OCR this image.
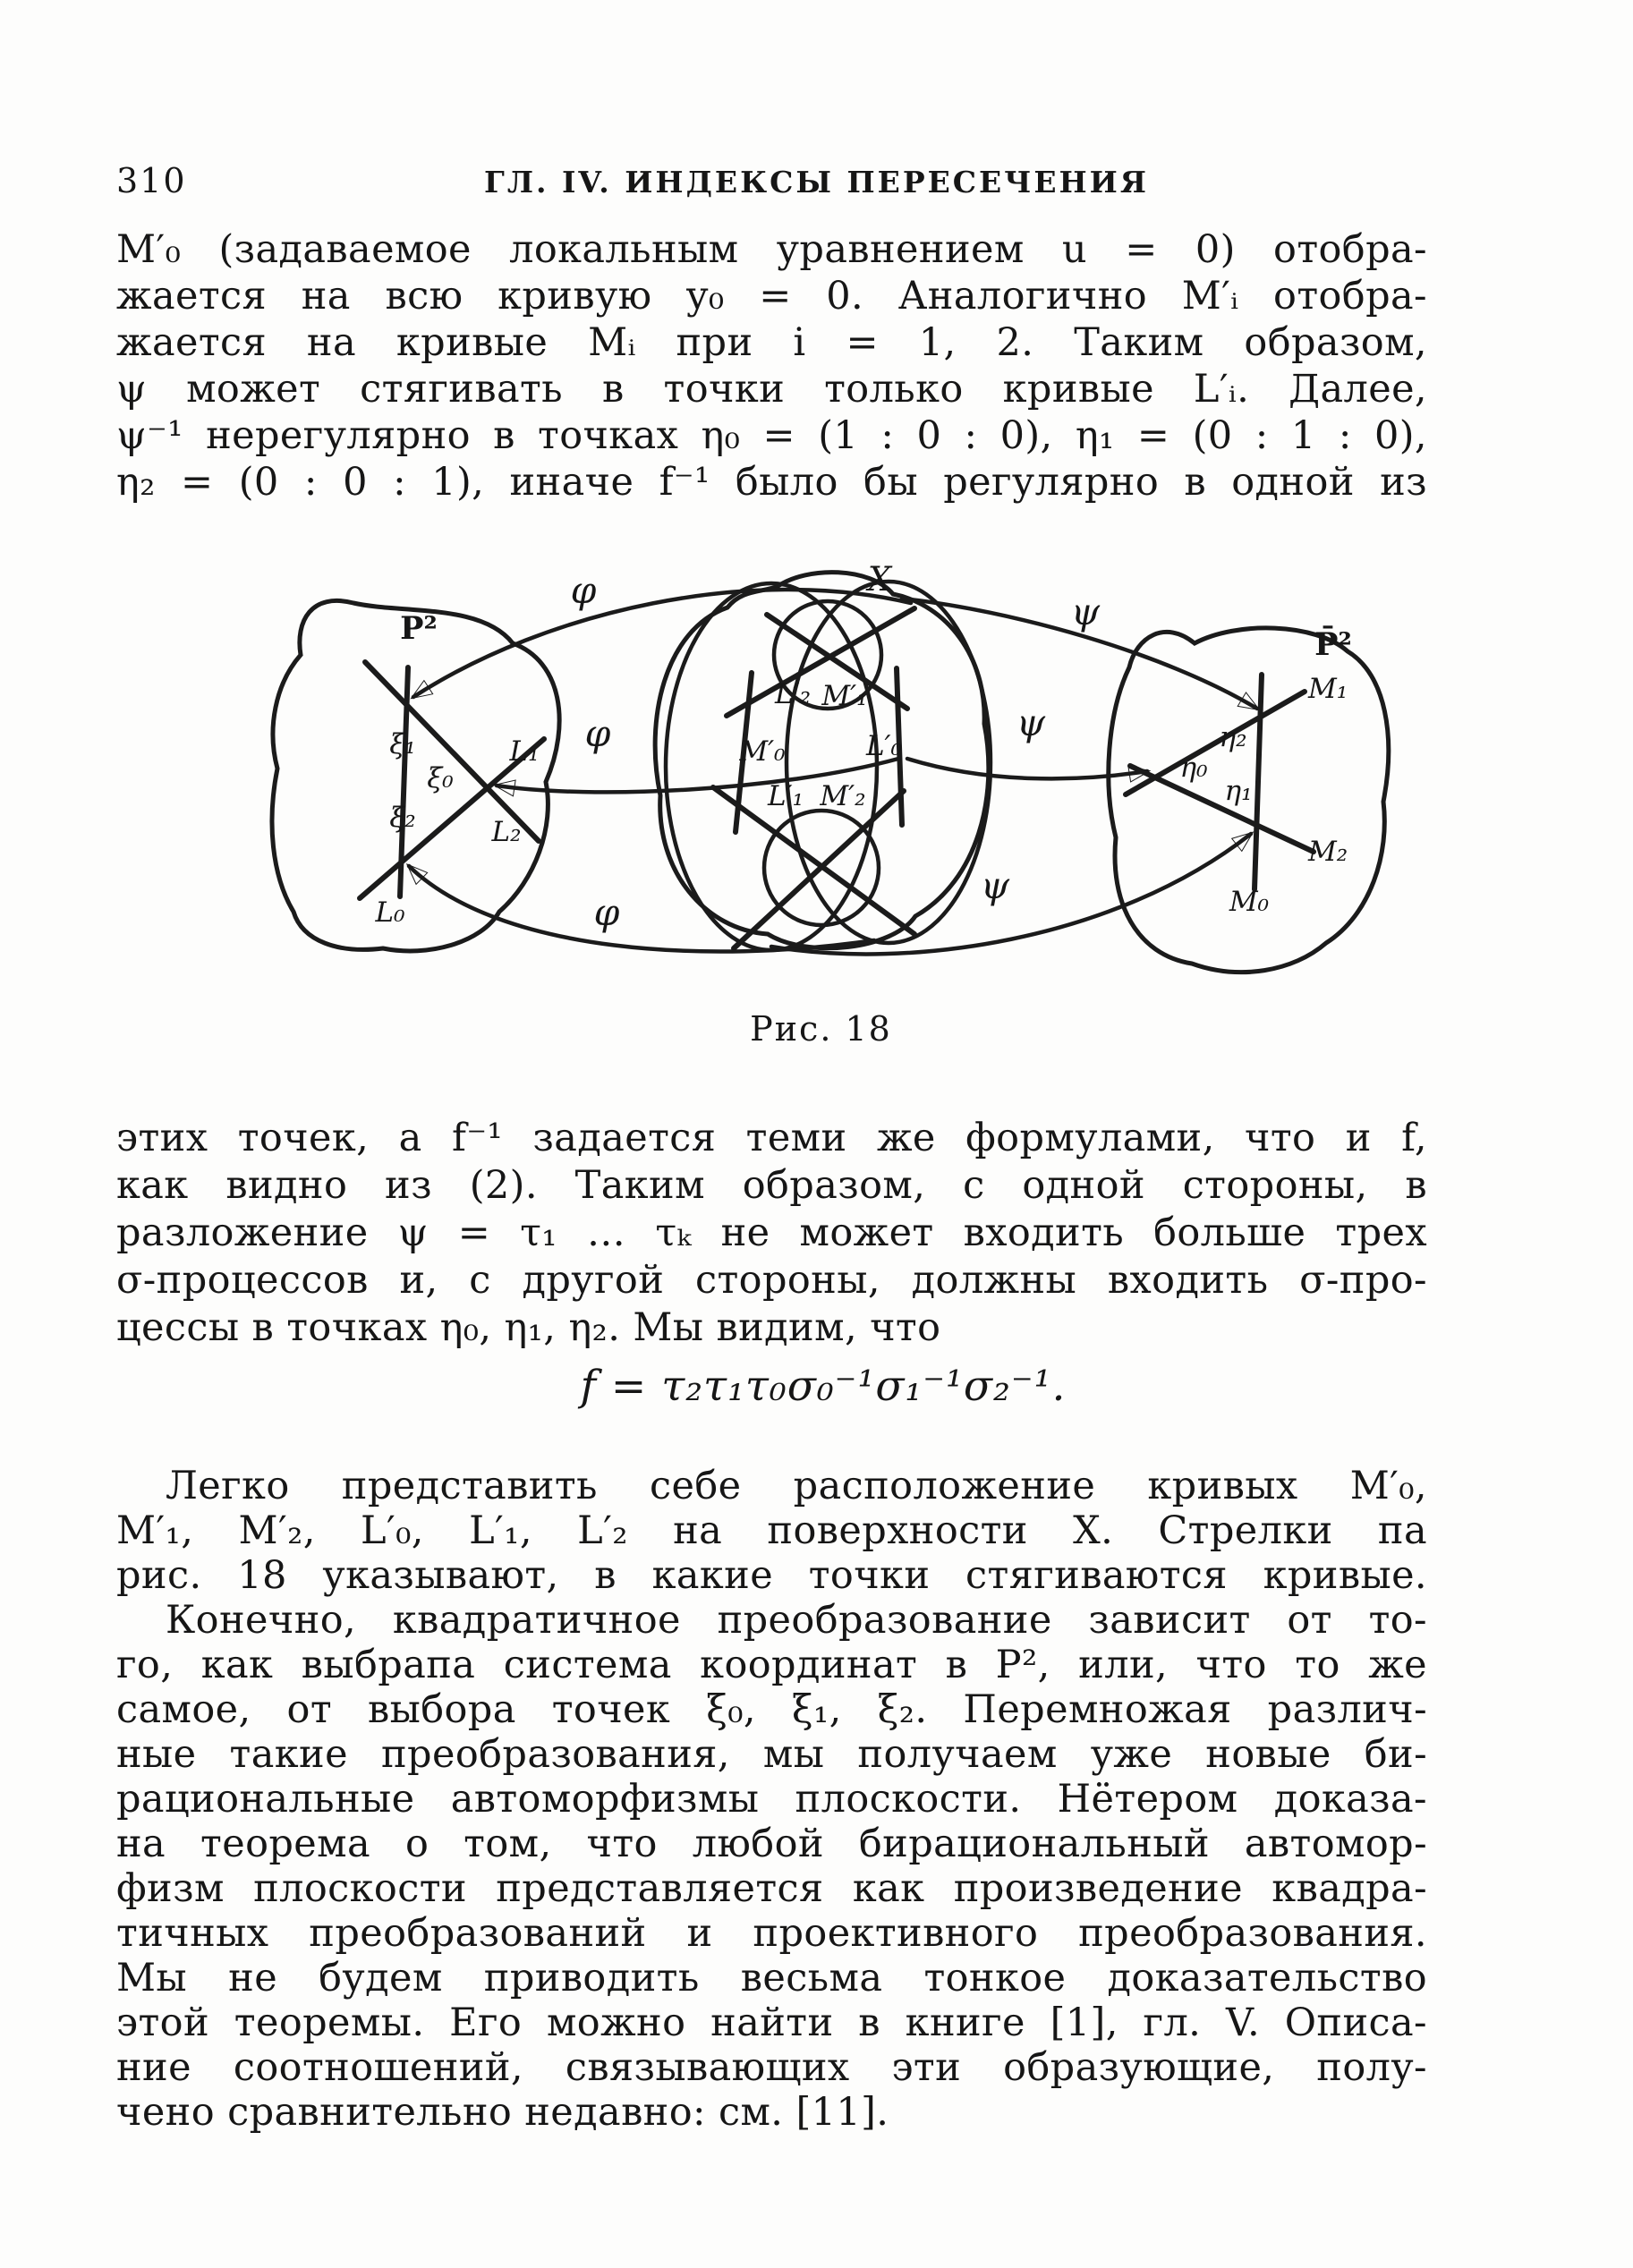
310	ГЛ. IV. ИНДЕКСЫ ПЕРЕСЕЧЕНИЯ
M′₀ (задаваемое локальным уравнением u = 0) отобра-
жается на всю кривую y₀ = 0. Аналогично M′ᵢ отобра-
жается на кривые Mᵢ при i = 1, 2. Таким образом,
ψ может стягивать в точки только кривые L′ᵢ. Далее,
ψ⁻¹ нерегулярно в точках η₀ = (1 : 0 : 0), η₁ = (0 : 1 : 0),
η₂ = (0 : 0 : 1), иначе f⁻¹ было бы регулярно в одной из
P²
X
P̄²
φ
φ
φ
ψ
ψ
ψ
ξ₁
ξ₀
ξ₂
L₁
L₂
L₀
L′₂ M′₁
M′₀	L′₀
L′₁ M′₂
M₁
M₂
M₀
η₂
η₀
η₁
Рис. 18
этих точек, а f⁻¹ задается теми же формулами, что и f,
как видно из (2). Таким образом, с одной стороны, в
разложение ψ = τ₁ … τₖ не может входить больше трех
σ-процессов и, с другой стороны, должны входить σ-про-
цессы в точках η₀, η₁, η₂. Мы видим, что
f = τ₂τ₁τ₀σ₀⁻¹σ₁⁻¹σ₂⁻¹.
Легко представить себе расположение кривых M′₀,
M′₁, M′₂, L′₀, L′₁, L′₂ на поверхности X. Стрелки па
рис. 18 указывают, в какие точки стягиваются кривые.
Конечно, квадратичное преобразование зависит от то-
го, как выбрапа система координат в P², или, что то же
самое, от выбора точек ξ₀, ξ₁, ξ₂. Перемножая различ-
ные такие преобразования, мы получаем уже новые би-
рациональные автоморфизмы плоскости. Нётером доказа-
на теорема о том, что любой бирациональный автомор-
физм плоскости представляется как произведение квадра-
тичных преобразований и проективного преобразования.
Мы не будем приводить весьма тонкое доказательство
этой теоремы. Его можно найти в книге [1], гл. V. Описа-
ние соотношений, связывающих эти образующие, полу-
чено сравнительно недавно: см. [11].
